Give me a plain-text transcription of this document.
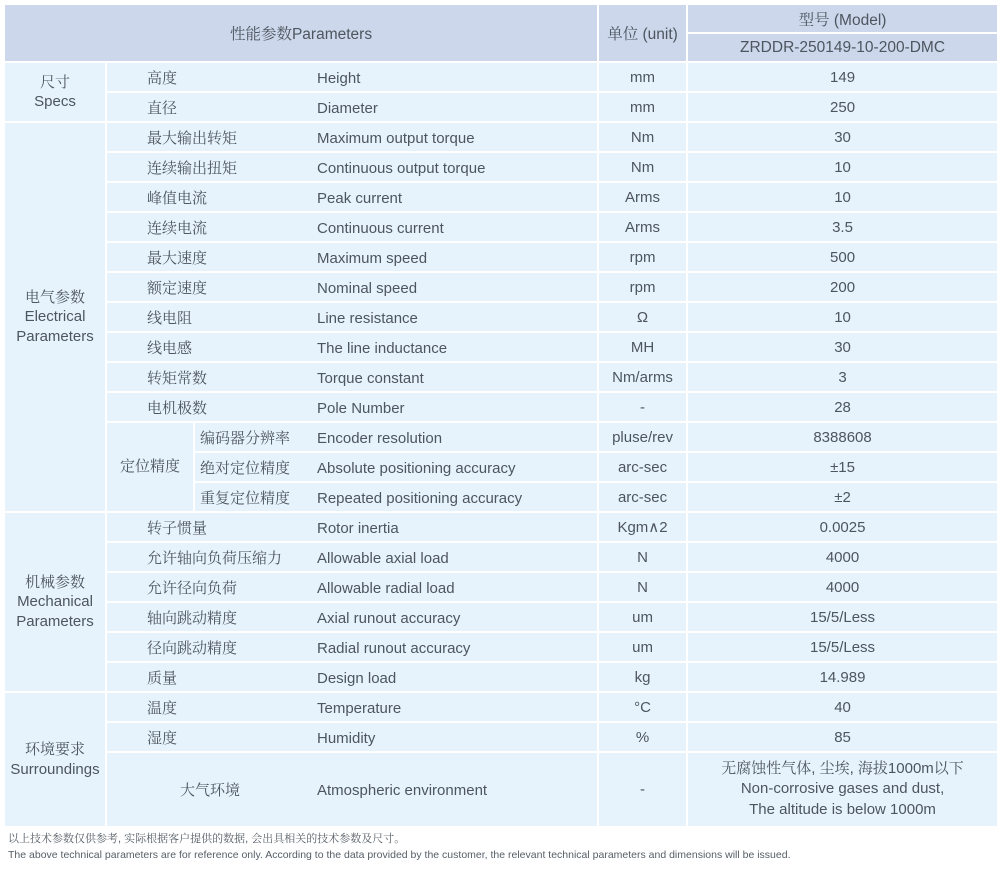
性能参数Parameters			单位 (unit)	型号 (Model)
				ZRDDR-250149-10-200-DMC

尺寸
Specs	高度 Height		mm	149
	直径 Diameter		mm	250

电气参数
Electrical
Parameters	最大输出转矩 Maximum output torque		Nm	30
	连续输出扭矩 Continuous output torque		Nm	10
	峰值电流 Peak current		Arms	10
	连续电流 Continuous current		Arms	3.5
	最大速度 Maximum speed		rpm	500
	额定速度 Nominal speed		rpm	200
	线电阻 Line resistance		Ω	10
	线电感 The line inductance		MH	30
	转矩常数 Torque constant		Nm/arms	3
	电机极数 Pole Number		-	28
	定位精度	编码器分辨率 Encoder resolution	pluse/rev	8388608
		绝对定位精度 Absolute positioning accuracy	arc-sec	±15
		重复定位精度 Repeated positioning accuracy	arc-sec	±2

机械参数
Mechanical
Parameters	转子惯量 Rotor inertia		Kgm∧2	0.0025
	允许轴向负荷压缩力 Allowable axial load		N	4000
	允许径向负荷 Allowable radial load		N	4000
	轴向跳动精度 Axial runout accuracy		um	15/5/Less
	径向跳动精度 Radial runout accuracy		um	15/5/Less
	质量 Design load		kg	14.989

环境要求
Surroundings	温度 Temperature		°C	40
	湿度 Humidity		%	85
	大气环境 Atmospheric environment		-	无腐蚀性气体, 尘埃, 海拔1000m以下
Non-corrosive gases and dust,
The altitude is below 1000m
以上技术参数仅供参考, 实际根据客户提供的数据, 会出具相关的技术参数及尺寸。
The above technical parameters are for reference only. According to the data provided by the customer, the relevant technical parameters and dimensions will be issued.
